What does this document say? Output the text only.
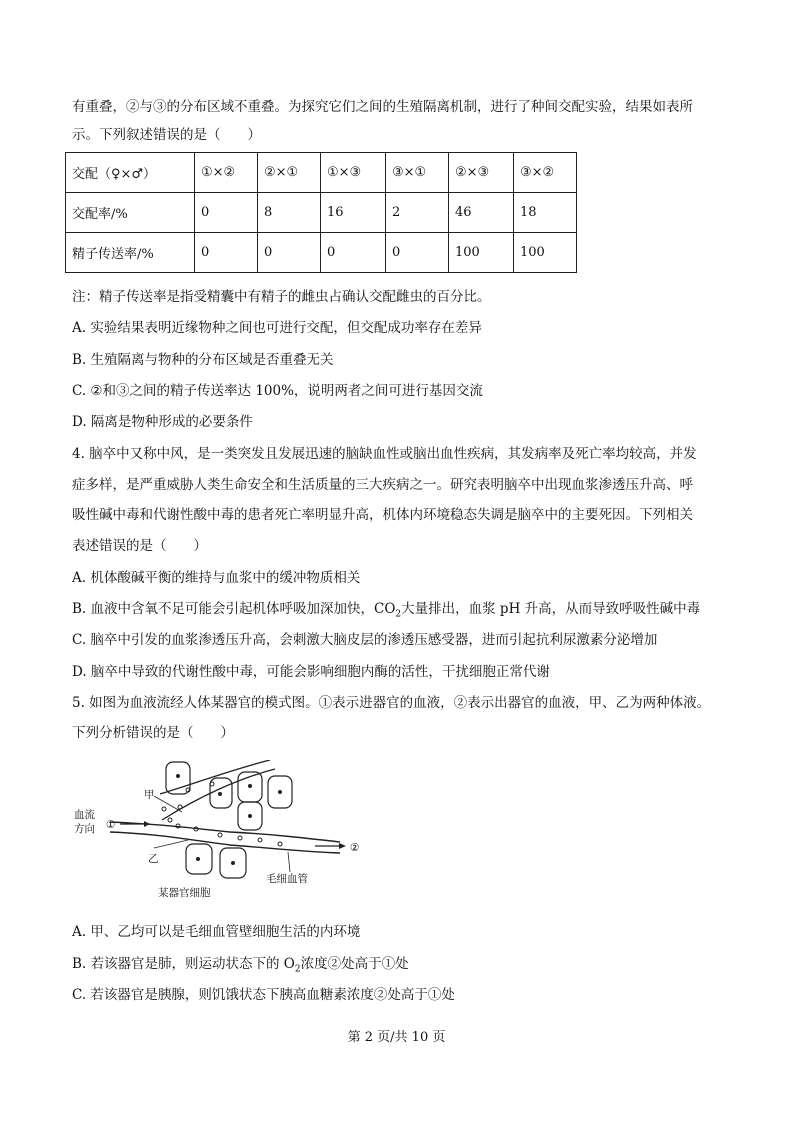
有重叠，②与③的分布区域不重叠。为探究它们之间的生殖隔离机制，进行了种间交配实验，结果如表所
示。下列叙述错误的是（　　）
交配（♀×♂）	①×②	②×①	①×③	③×①	②×③	③×②
交配率/%	0	8	16	2	46	18
精子传送率/%	0	0	0	0	100	100
注：精子传送率是指受精囊中有精子的雌虫占确认交配雌虫的百分比。
A. 实验结果表明近缘物种之间也可进行交配，但交配成功率存在差异
B. 生殖隔离与物种的分布区域是否重叠无关
C. ②和③之间的精子传送率达 100%，说明两者之间可进行基因交流
D. 隔离是物种形成的必要条件
4. 脑卒中又称中风，是一类突发且发展迅速的脑缺血性或脑出血性疾病，其发病率及死亡率均较高，并发
症多样，是严重威胁人类生命安全和生活质量的三大疾病之一。研究表明脑卒中出现血浆渗透压升高、呼
吸性碱中毒和代谢性酸中毒的患者死亡率明显升高，机体内环境稳态失调是脑卒中的主要死因。下列相关
表述错误的是（　　）
A. 机体酸碱平衡的维持与血浆中的缓冲物质相关
B. 血液中含氧不足可能会引起机体呼吸加深加快，$CO_2$大量排出，血浆 pH 升高，从而导致呼吸性碱中毒
C. 脑卒中引发的血浆渗透压升高，会刺激大脑皮层的渗透压感受器，进而引起抗利尿激素分泌增加
D. 脑卒中导致的代谢性酸中毒，可能会影响细胞内酶的活性，干扰细胞正常代谢
5. 如图为血液流经人体某器官的模式图。①表示进器官的血液，②表示出器官的血液，甲、乙为两种体液。
下列分析错误的是（　　）
甲
乙
血流
方向 ①
②
某器官细胞
毛细血管
A. 甲、乙均可以是毛细血管壁细胞生活的内环境
B. 若该器官是肺，则运动状态下的 $O_2$浓度②处高于①处
C. 若该器官是胰腺，则饥饿状态下胰高血糖素浓度②处高于①处
第 2 页/共 10 页
